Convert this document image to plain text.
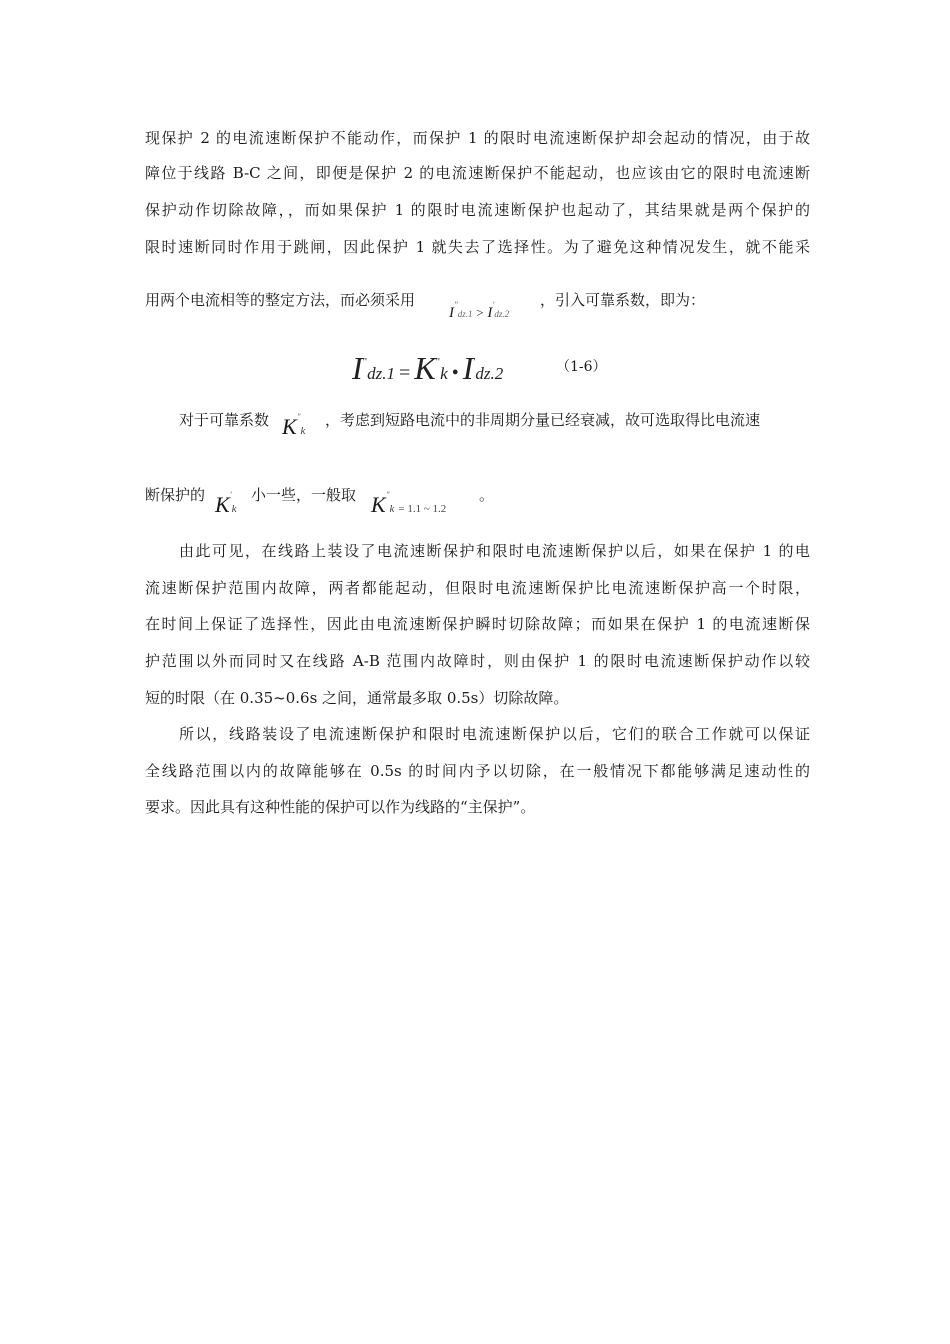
现保护 2 的电流速断保护不能动作，而保护 1 的限时电流速断保护却会起动的情况，由于故
障位于线路 B-C 之间，即便是保护 2 的电流速断保护不能起动，也应该由它的限时电流速断
保护动作切除故障，，而如果保护 1 的限时电流速断保护也起动了，其结果就是两个保护的
限时速断同时作用于跳闸，因此保护 1 就失去了选择性。为了避免这种情况发生，就不能采
用两个电流相等的整定方法，而必须采用
I"dz.1 > I'dz.2
，引入可靠系数，即为：
I"dz.1 = K"k • I'dz.2	（1-6）
对于可靠系数 K"k
，考虑到短路电流中的非周期分量已经衰减，故可选取得比电流速
断保护的 K'k
小一些，一般取 K"k = 1.1 ~ 1.2
。
由此可见，在线路上装设了电流速断保护和限时电流速断保护以后，如果在保护 1 的电
流速断保护范围内故障，两者都能起动，但限时电流速断保护比电流速断保护高一个时限，
在时间上保证了选择性，因此由电流速断保护瞬时切除故障；而如果在保护 1 的电流速断保
护范围以外而同时又在线路 A-B 范围内故障时，则由保护 1 的限时电流速断保护动作以较
短的时限（在 0.35~0.6s 之间，通常最多取 0.5s）切除故障。
所以，线路装设了电流速断保护和限时电流速断保护以后，它们的联合工作就可以保证
全线路范围以内的故障能够在 0.5s 的时间内予以切除，在一般情况下都能够满足速动性的
要求。因此具有这种性能的保护可以作为线路的“主保护”。
